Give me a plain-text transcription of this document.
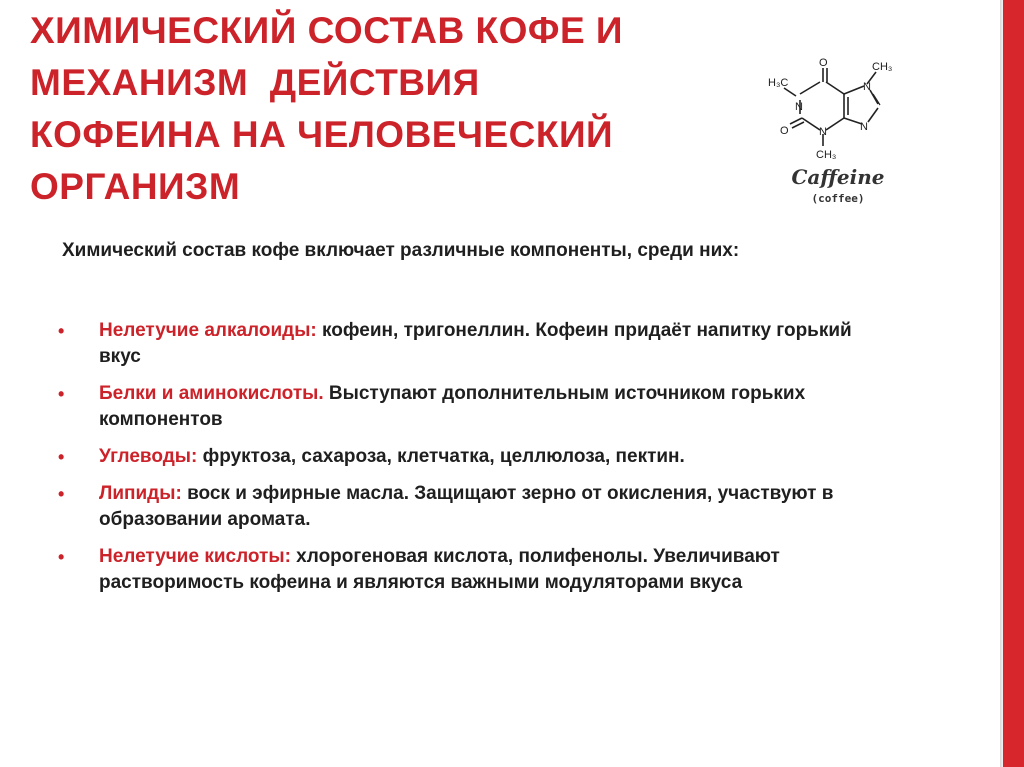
ХИМИЧЕСКИЙ СОСТАВ КОФЕ И
МЕХАНИЗМ  ДЕЙСТВИЯ
КОФЕИНА НА ЧЕЛОВЕЧЕСКИЙ
ОРГАНИЗМ
H₃C
CH₃
CH₃
O
O
N
N
N
N
Caffeine
(coffee)
Химический состав кофе включает различные компоненты, среди них:
• Нелетучие алкалоиды: кофеин, тригонеллин. Кофеин придаёт напитку горький вкус
• Белки и аминокислоты. Выступают дополнительным источником горьких компонентов
• Углеводы: фруктоза, сахароза, клетчатка, целлюлоза, пектин.
• Липиды: воск и эфирные масла. Защищают зерно от окисления, участвуют в образовании аромата.
• Нелетучие кислоты: хлорогеновая кислота, полифенолы. Увеличивают растворимость кофеина и являются важными модуляторами вкуса
